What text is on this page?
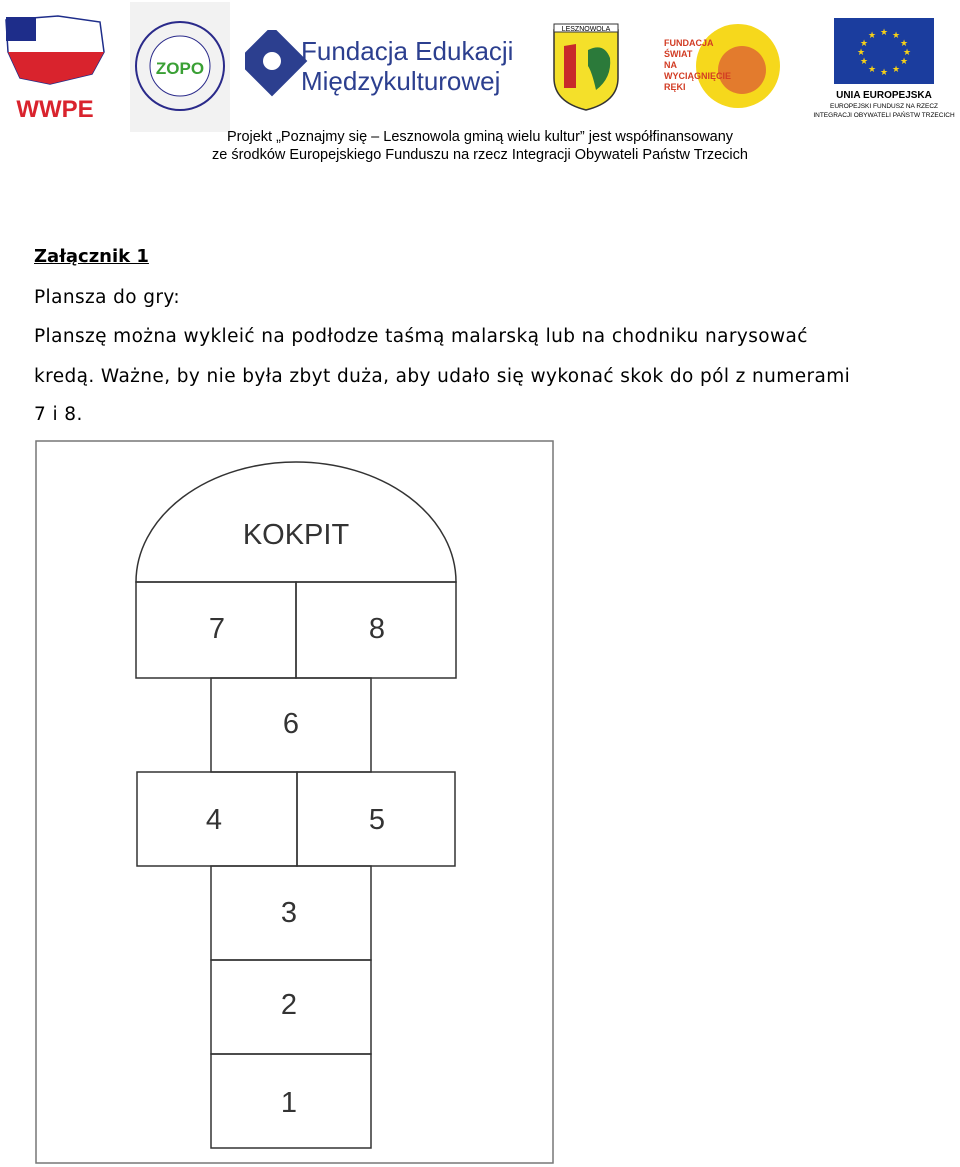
WWPE
ZOPO
Fundacja Edukacji
Międzykulturowej
LESZNOWOLA
FUNDACJA
ŚWIAT
NA
WYCIĄGNIĘCIE
RĘKI
★ ★
★
★
★
★
★
★
★
★
★
★
UNIA EUROPEJSKA
EUROPEJSKI FUNDUSZ NA RZECZ
INTEGRACJI OBYWATELI PAŃSTW TRZECICH
Projekt „Poznajmy się – Lesznowola gminą wielu kultur” jest współfinansowany
ze środków Europejskiego Funduszu na rzecz Integracji Obywateli Państw Trzecich
Załącznik 1
Plansza do gry:
Planszę można wykleić na podłodze taśmą malarską lub na chodniku narysować
kredą. Ważne, by nie była zbyt duża, aby udało się wykonać skok do pól z numerami
7 i 8.
KOKPIT
7	8
6
4	5
3
2
1
